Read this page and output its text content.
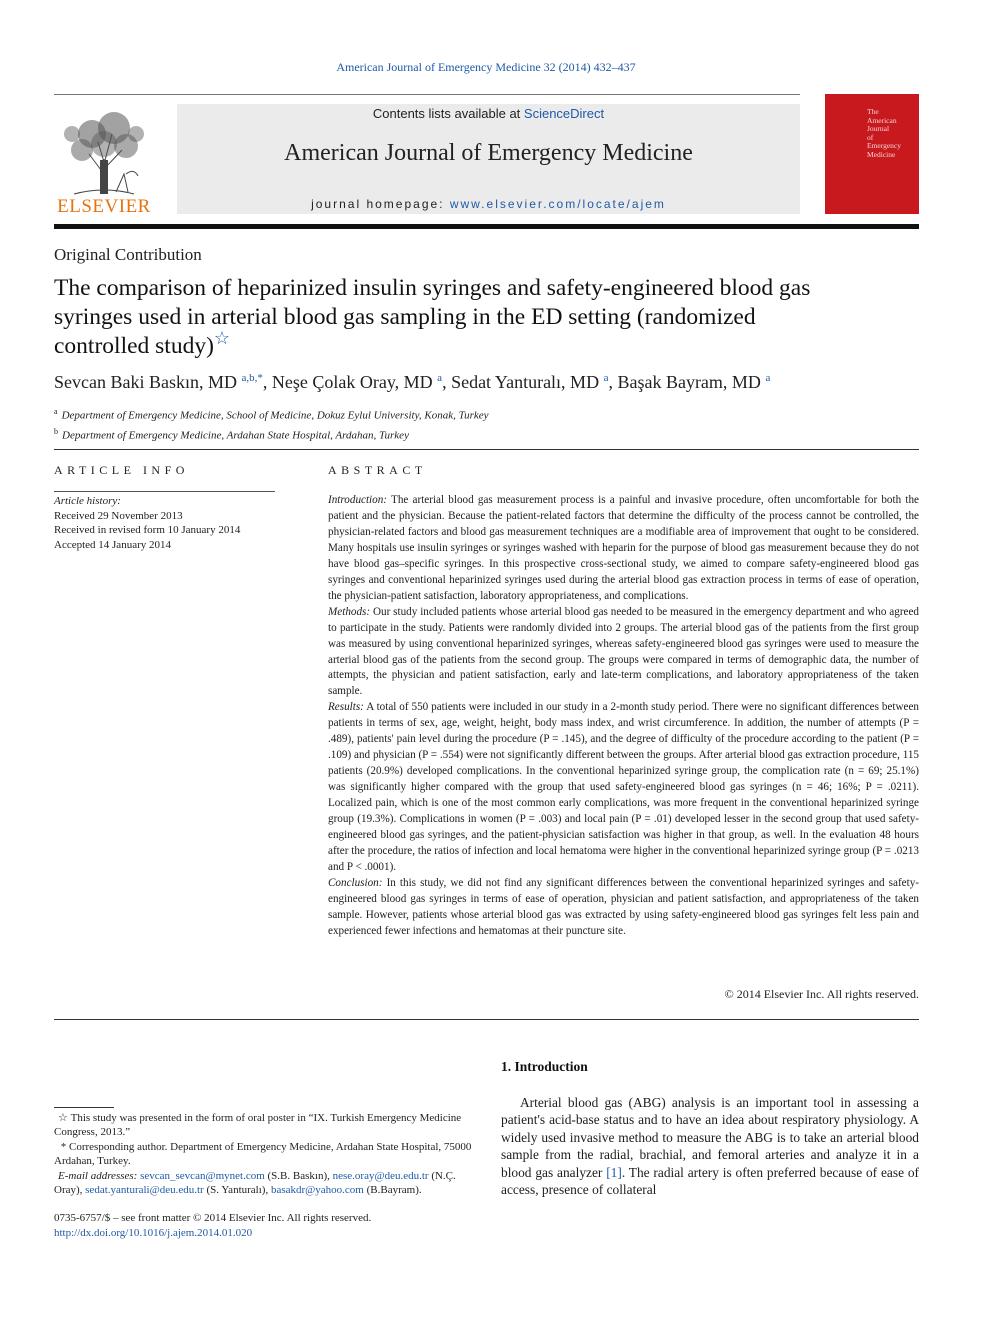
American Journal of Emergency Medicine 32 (2014) 432–437
ELSEVIER
Contents lists available at ScienceDirect
American Journal of Emergency Medicine
journal homepage: www.elsevier.com/locate/ajem
The
American Journal
of
Emergency Medicine
Original Contribution
The comparison of heparinized insulin syringes and safety-engineered blood gas syringes used in arterial blood gas sampling in the ED setting (randomized controlled study)☆
Sevcan Baki Baskın, MD $^{a,b,*}$, Neşe Çolak Oray, MD $^a$, Sedat Yanturalı, MD $^a$, Başak Bayram, MD $^a$
$^a$ Department of Emergency Medicine, School of Medicine, Dokuz Eylul University, Konak, Turkey
$^b$ Department of Emergency Medicine, Ardahan State Hospital, Ardahan, Turkey
ARTICLE INFO	ABSTRACT
Article history:
Received 29 November 2013
Received in revised form 10 January 2014
Accepted 14 January 2014

Introduction: The arterial blood gas measurement process is a painful and invasive procedure, often uncomfortable for both the patient and the physician. Because the patient-related factors that determine the difficulty of the process cannot be controlled, the physician-related factors and blood gas measurement techniques are a modifiable area of improvement that ought to be considered. Many hospitals use insulin syringes or syringes washed with heparin for the purpose of blood gas measurement because they do not have blood gas–specific syringes. In this prospective cross-sectional study, we aimed to compare safety-engineered blood gas syringes and conventional heparinized syringes used during the arterial blood gas extraction process in terms of ease of operation, the physician-patient satisfaction, laboratory appropriateness, and complications.

Methods: Our study included patients whose arterial blood gas needed to be measured in the emergency department and who agreed to participate in the study. Patients were randomly divided into 2 groups. The arterial blood gas of the patients from the first group was measured by using conventional heparinized syringes, whereas safety-engineered blood gas syringes were used to measure the arterial blood gas of the patients from the second group. The groups were compared in terms of demographic data, the number of attempts, the physician and patient satisfaction, early and late-term complications, and laboratory appropriateness of the taken sample.

Results: A total of 550 patients were included in our study in a 2-month study period. There were no significant differences between patients in terms of sex, age, weight, height, body mass index, and wrist circumference. In addition, the number of attempts (P = .489), patients' pain level during the procedure (P = .145), and the degree of difficulty of the procedure according to the patient (P = .109) and physician (P = .554) were not significantly different between the groups. After arterial blood gas extraction procedure, 115 patients (20.9%) developed complications. In the conventional heparinized syringe group, the complication rate (n = 69; 25.1%) was significantly higher compared with the group that used safety-engineered blood gas syringes (n = 46; 16%; P = .0211). Localized pain, which is one of the most common early complications, was more frequent in the conventional heparinized syringe group (19.3%). Complications in women (P = .003) and local pain (P = .01) developed lesser in the second group that used safety-engineered blood gas syringes, and the patient-physician satisfaction was higher in that group, as well. In the evaluation 48 hours after the procedure, the ratios of infection and local hematoma were higher in the conventional heparinized syringe group (P = .0213 and P < .0001).

Conclusion: In this study, we did not find any significant differences between the conventional heparinized syringes and safety-engineered blood gas syringes in terms of ease of operation, physician and patient satisfaction, and appropriateness of the taken sample. However, patients whose arterial blood gas was extracted by using safety-engineered blood gas syringes felt less pain and experienced fewer infections and hematomas at their puncture site.

© 2014 Elsevier Inc. All rights reserved.
1. Introduction
Arterial blood gas (ABG) analysis is an important tool in assessing a patient's acid-base status and to have an idea about respiratory physiology. A widely used invasive method to measure the ABG is to take an arterial blood sample from the radial, brachial, and femoral arteries and analyze it in a blood gas analyzer [1]. The radial artery is often preferred because of ease of access, presence of collateral
☆ This study was presented in the form of oral poster in “IX. Turkish Emergency Medicine Congress, 2013.”
* Corresponding author. Department of Emergency Medicine, Ardahan State Hospital, 75000 Ardahan, Turkey.
E-mail addresses: sevcan_sevcan@mynet.com (S.B. Baskın), nese.oray@deu.edu.tr (N.Ç. Oray), sedat.yanturali@deu.edu.tr (S. Yanturalı), basakdr@yahoo.com (B.Bayram).
0735-6757/$ – see front matter © 2014 Elsevier Inc. All rights reserved.
http://dx.doi.org/10.1016/j.ajem.2014.01.020
